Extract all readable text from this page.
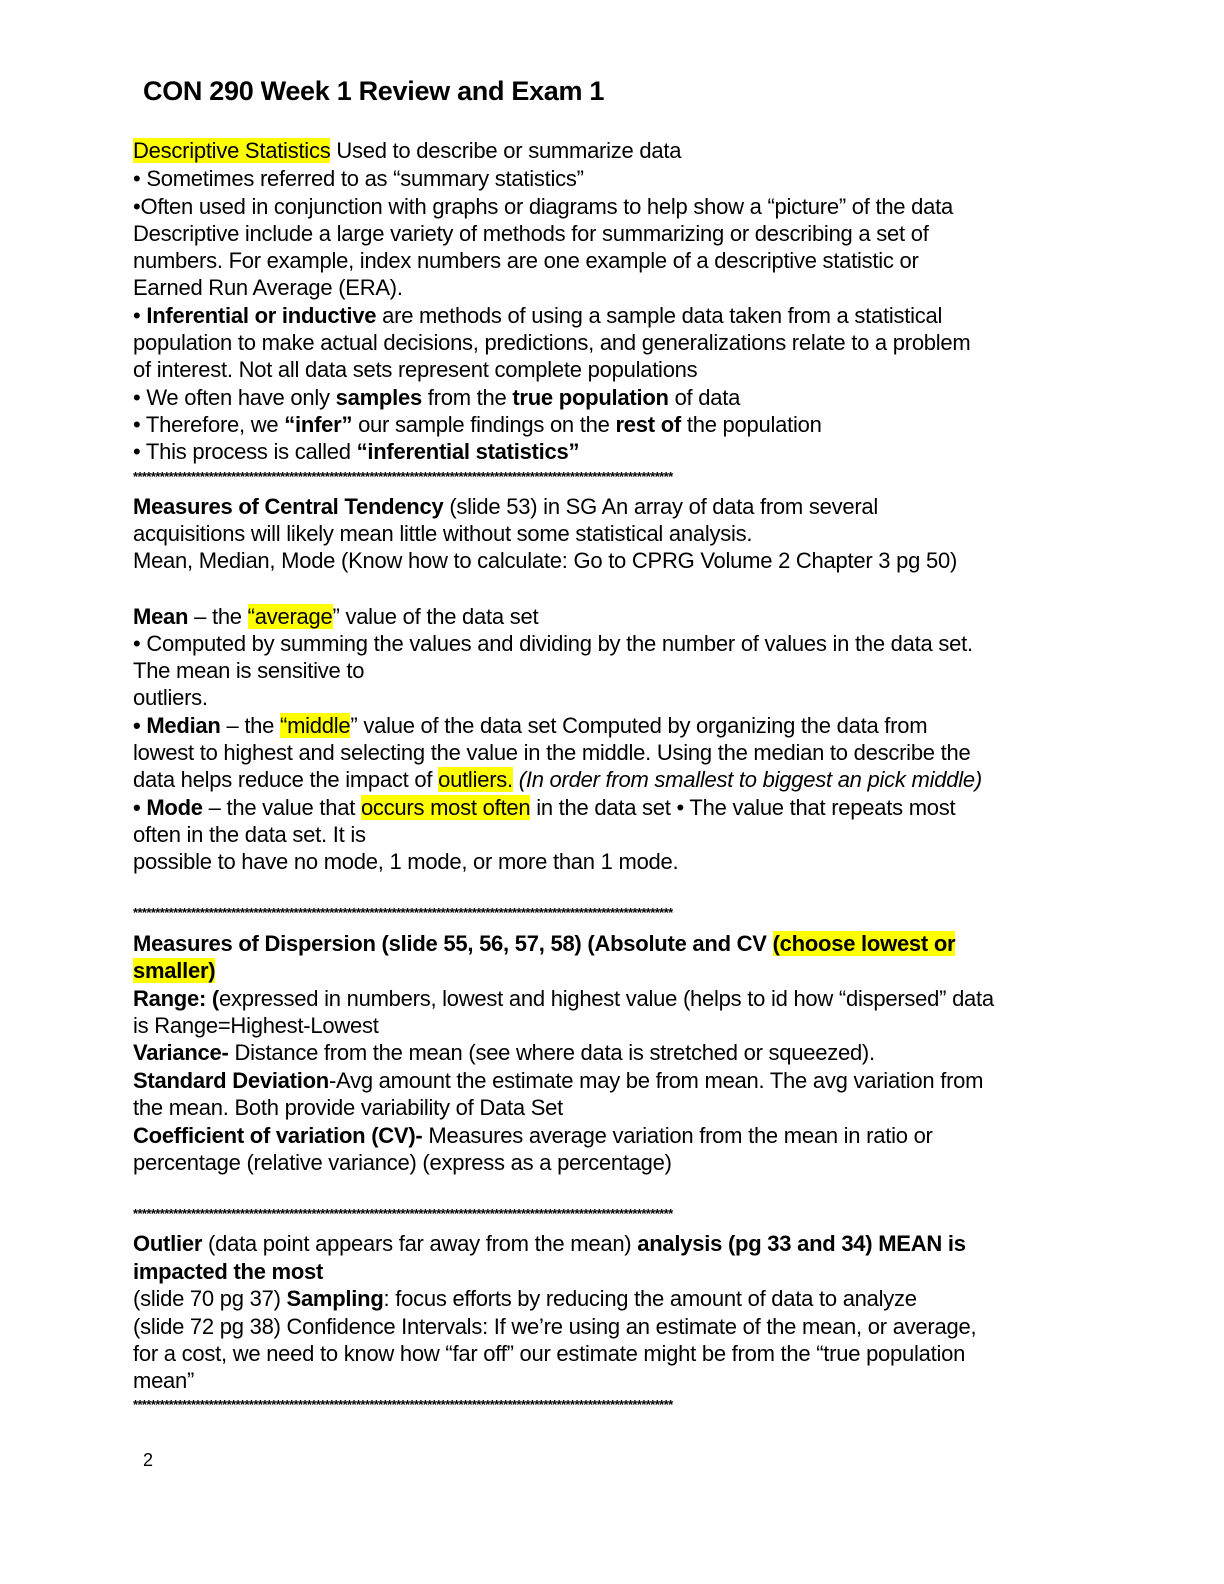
CON 290 Week 1 Review and Exam 1
Descriptive Statistics Used to describe or summarize data
• Sometimes referred to as “summary statistics”
•Often used in conjunction with graphs or diagrams to help show a “picture” of the data
Descriptive include a large variety of methods for summarizing or describing a set of
numbers. For example, index numbers are one example of a descriptive statistic or
Earned Run Average (ERA).
• Inferential or inductive are methods of using a sample data taken from a statistical
population to make actual decisions, predictions, and generalizations relate to a problem
of interest. Not all data sets represent complete populations
• We often have only samples from the true population of data
• Therefore, we “infer” our sample findings on the rest of the population
• This process is called “inferential statistics”
Measures of Central Tendency (slide 53) in SG An array of data from several
acquisitions will likely mean little without some statistical analysis.
Mean, Median, Mode (Know how to calculate: Go to CPRG Volume 2 Chapter 3 pg 50)
Mean – the “average” value of the data set
• Computed by summing the values and dividing by the number of values in the data set.
The mean is sensitive to
outliers.
• Median – the “middle” value of the data set Computed by organizing the data from
lowest to highest and selecting the value in the middle. Using the median to describe the
data helps reduce the impact of outliers. (In order from smallest to biggest an pick middle)
• Mode – the value that occurs most often in the data set • The value that repeats most
often in the data set. It is
possible to have no mode, 1 mode, or more than 1 mode.
Measures of Dispersion (slide 55, 56, 57, 58) (Absolute and CV (choose lowest or
smaller)
Range: (expressed in numbers, lowest and highest value (helps to id how “dispersed” data
is Range=Highest-Lowest
Variance- Distance from the mean (see where data is stretched or squeezed).
Standard Deviation-Avg amount the estimate may be from mean. The avg variation from
the mean. Both provide variability of Data Set
Coefficient of variation (CV)- Measures average variation from the mean in ratio or
percentage (relative variance) (express as a percentage)
Outlier (data point appears far away from the mean) analysis (pg 33 and 34) MEAN is
impacted the most
(slide 70 pg 37) Sampling: focus efforts by reducing the amount of data to analyze
(slide 72 pg 38) Confidence Intervals: If we’re using an estimate of the mean, or average,
for a cost, we need to know how “far off” our estimate might be from the “true population
mean”
*************************************************************************************************************************
*************************************************************************************************************************
*************************************************************************************************************************
*************************************************************************************************************************
2
